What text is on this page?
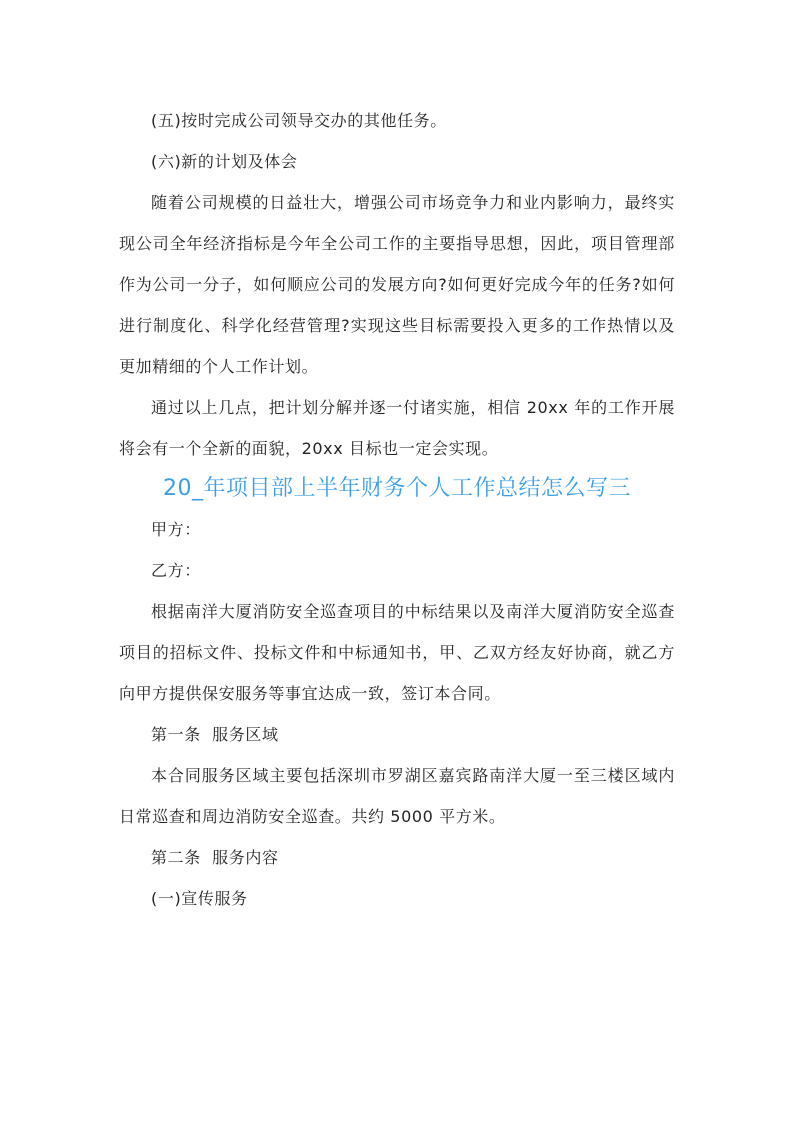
(五)按时完成公司领导交办的其他任务。

(六)新的计划及体会

随着公司规模的日益壮大，增强公司市场竞争力和业内影响力，最终实现公司全年经济指标是今年全公司工作的主要指导思想，因此，项目管理部作为公司一分子，如何顺应公司的发展方向?如何更好完成今年的任务?如何进行制度化、科学化经营管理?实现这些目标需要投入更多的工作热情以及更加精细的个人工作计划。

通过以上几点，把计划分解并逐一付诸实施，相信 20xx 年的工作开展将会有一个全新的面貌，20xx 目标也一定会实现。

20_年项目部上半年财务个人工作总结怎么写三

甲方：

乙方：

根据南洋大厦消防安全巡查项目的中标结果以及南洋大厦消防安全巡查项目的招标文件、投标文件和中标通知书，甲、乙双方经友好协商，就乙方向甲方提供保安服务等事宜达成一致，签订本合同。

第一条  服务区域

本合同服务区域主要包括深圳市罗湖区嘉宾路南洋大厦一至三楼区域内日常巡查和周边消防安全巡查。共约 5000 平方米。

第二条  服务内容

(一)宣传服务
